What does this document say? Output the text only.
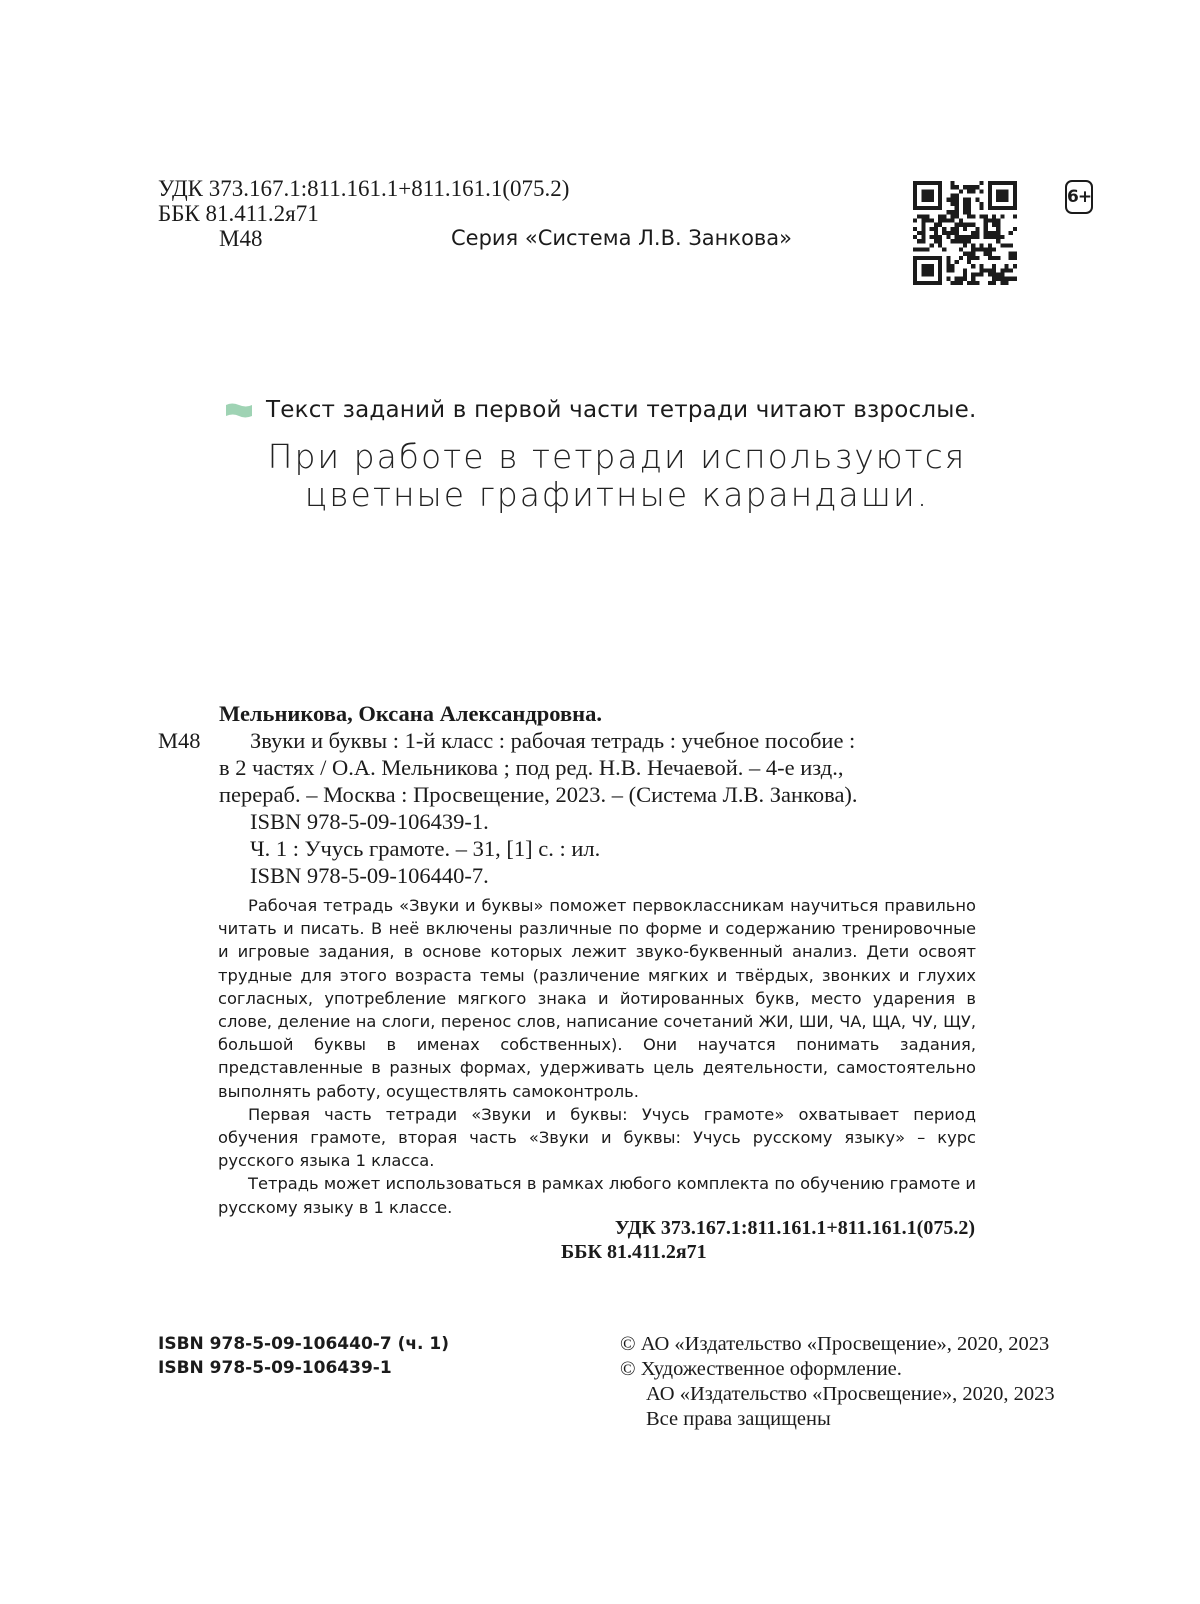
УДК 373.167.1:811.161.1+811.161.1(075.2)
ББК 81.411.2я71
М48	Серия «Система Л.В. Занкова»
6+
Текст заданий в первой части тетради читают взрослые.
При работе в тетради используются
цветные графитные карандаши.
Мельникова, Оксана Александровна.
М48 Звуки и буквы : 1-й класс : рабочая тетрадь : учебное пособие :
в 2 частях / О.А. Мельникова ; под ред. Н.В. Нечаевой. – 4-е изд.,
перераб. – Москва : Просвещение, 2023. – (Система Л.В. Занкова).
ISBN 978-5-09-106439-1.
Ч. 1 : Учусь грамоте. – 31, [1] с. : ил.
ISBN 978-5-09-106440-7.

Рабочая тетрадь «Звуки и буквы» поможет первоклассникам научиться правильно читать и писать. В неё включены различные по форме и содержанию тренировочные и игровые задания, в основе которых лежит звуко-буквенный анализ. Дети освоят трудные для этого возраста темы (различение мягких и твёрдых, звонких и глухих согласных, употребление мягкого знака и йотированных букв, место ударения в слове, деление на слоги, перенос слов, написание сочетаний ЖИ, ШИ, ЧА, ЩА, ЧУ, ЩУ, большой буквы в именах собственных). Они научатся понимать задания, представленные в разных формах, удерживать цель деятельности, самостоятельно выполнять работу, осуществлять самоконтроль.

Первая часть тетради «Звуки и буквы: Учусь грамоте» охватывает период обучения грамоте, вторая часть «Звуки и буквы: Учусь русскому языку» – курс русского языка 1 класса.

Тетрадь может использоваться в рамках любого комплекта по обучению грамоте и русскому языку в 1 классе.

УДК 373.167.1:811.161.1+811.161.1(075.2)
ББК 81.411.2я71
ISBN 978-5-09-106440-7 (ч. 1)
ISBN 978-5-09-106439-1
© АО «Издательство «Просвещение», 2020, 2023
© Художественное оформление.
АО «Издательство «Просвещение», 2020, 2023
Все права защищены
